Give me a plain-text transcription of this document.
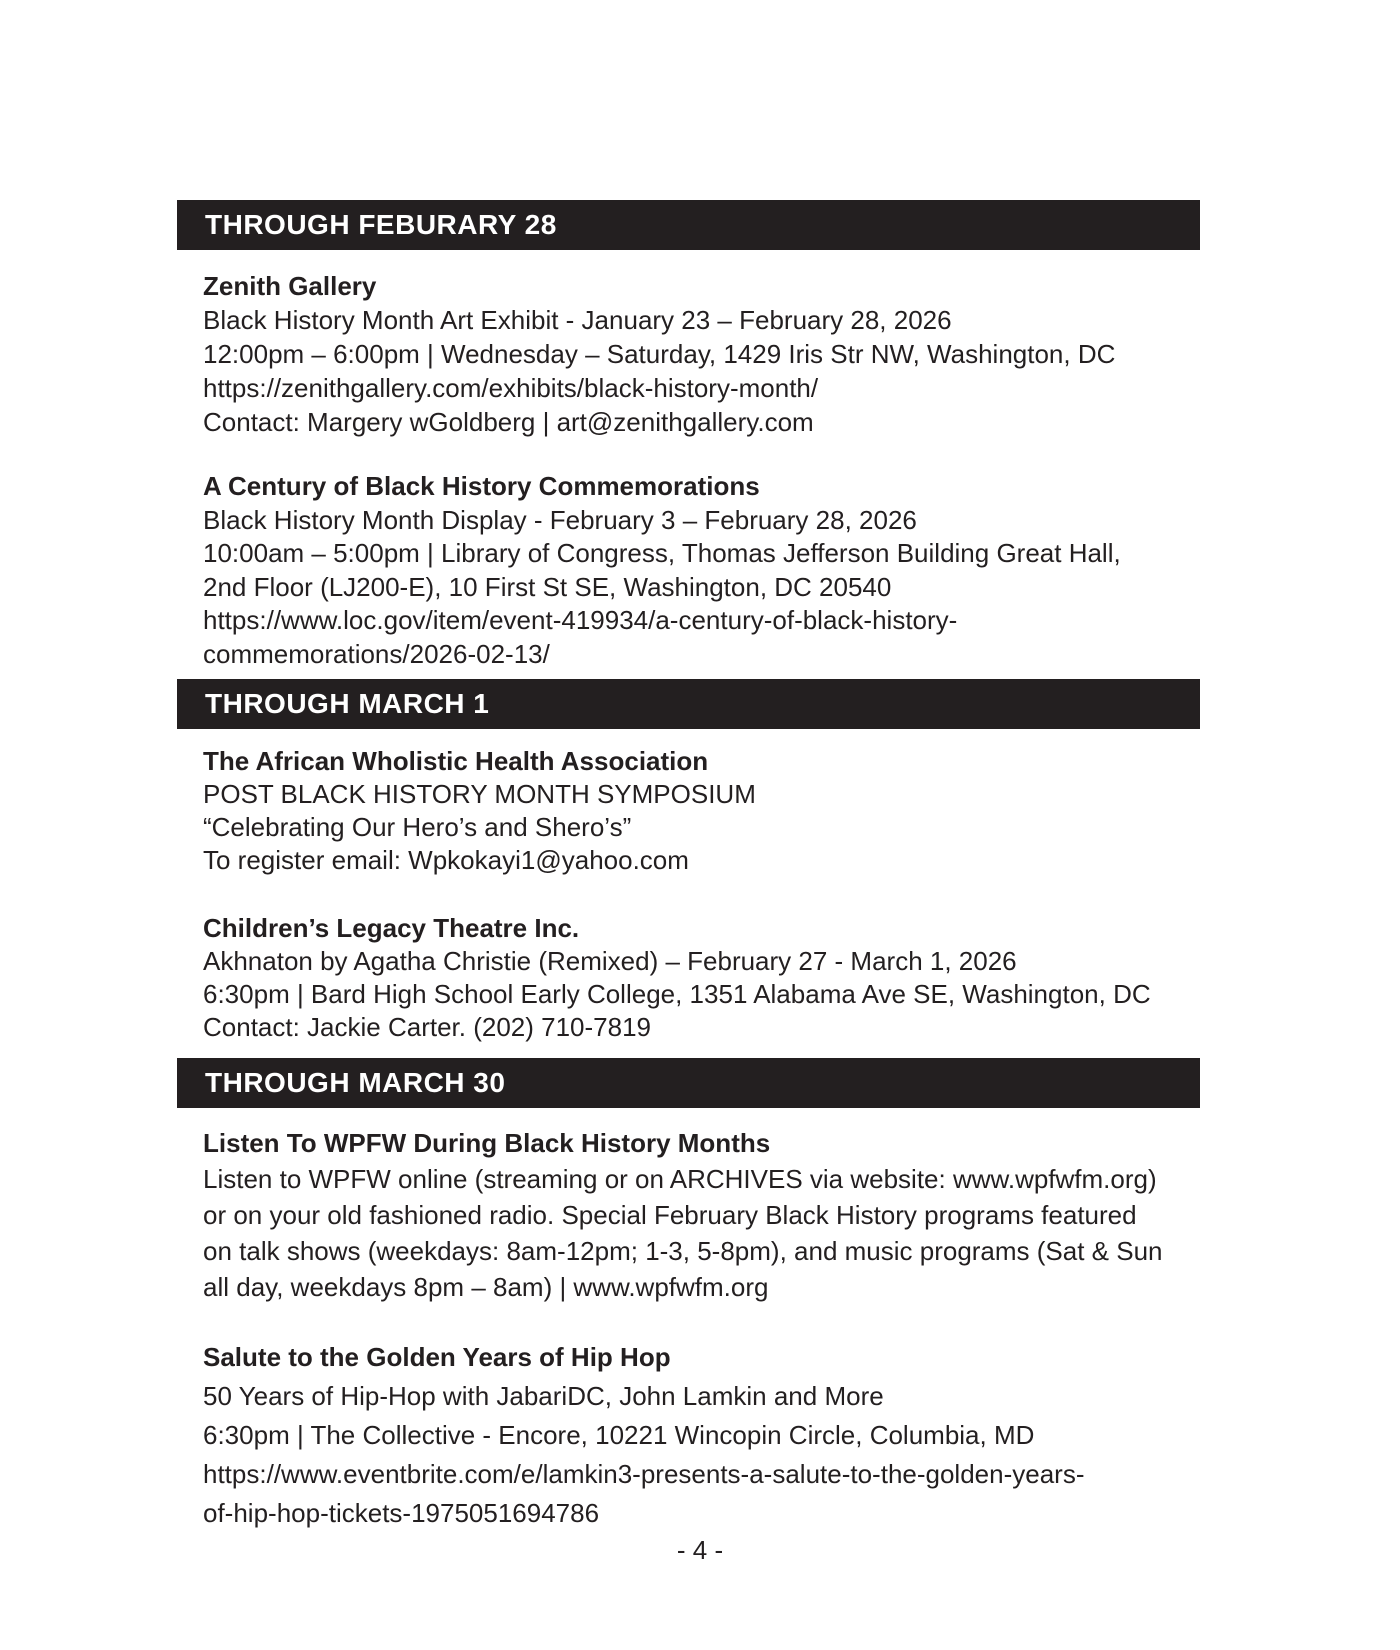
THROUGH FEBURARY 28
Zenith Gallery
Black History Month Art Exhibit - January 23 – February 28, 2026
12:00pm – 6:00pm | Wednesday – Saturday, 1429 Iris Str NW, Washington, DC
https://zenithgallery.com/exhibits/black-history-month/
Contact: Margery wGoldberg | art@zenithgallery.com
A Century of Black History Commemorations
Black History Month Display - February 3 – February 28, 2026
10:00am – 5:00pm | Library of Congress, Thomas Jefferson Building Great Hall,
2nd Floor (LJ200-E), 10 First St SE, Washington, DC 20540
https://www.loc.gov/item/event-419934/a-century-of-black-history-
commemorations/2026-02-13/
THROUGH MARCH 1
The African Wholistic Health Association
POST BLACK HISTORY MONTH SYMPOSIUM
“Celebrating Our Hero’s and Shero’s”
To register email: Wpkokayi1@yahoo.com
Children’s Legacy Theatre Inc.
Akhnaton by Agatha Christie (Remixed) – February 27 - March 1, 2026
6:30pm | Bard High School Early College, 1351 Alabama Ave SE, Washington, DC
Contact: Jackie Carter. (202) 710-7819
THROUGH MARCH 30
Listen To WPFW During Black History Months
Listen to WPFW online (streaming or on ARCHIVES via website: www.wpfwfm.org)
or on your old fashioned radio. Special February Black History programs featured
on talk shows (weekdays: 8am-12pm; 1-3, 5-8pm), and music programs (Sat & Sun
all day, weekdays 8pm – 8am) | www.wpfwfm.org
Salute to the Golden Years of Hip Hop
50 Years of Hip-Hop with JabariDC, John Lamkin and More
6:30pm | The Collective - Encore, 10221 Wincopin Circle, Columbia, MD
https://www.eventbrite.com/e/lamkin3-presents-a-salute-to-the-golden-years-
of-hip-hop-tickets-1975051694786
- 4 -
